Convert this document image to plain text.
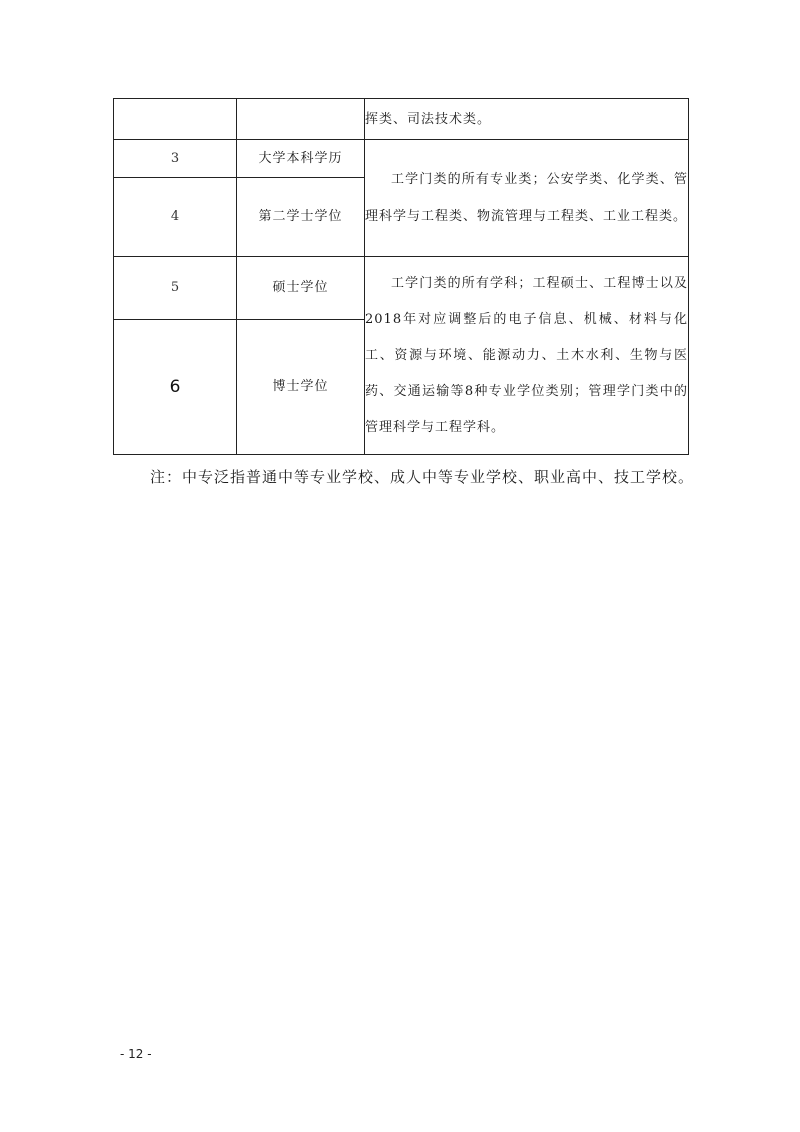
		挥类、司法技术类。

3	大学本科学历	工学门类的所有专业类；公安学类、化学类、管理科学与工程类、物流管理与工程类、工业工程类。

4	第二学士学位	
5	硕士学位	工学门类的所有学科；工程硕士、工程博士以及2018年对应调整后的电子信息、机械、材料与化工、资源与环境、能源动力、土木水利、生物与医药、交通运输等8种专业学位类别；管理学门类中的管理科学与工程学科。

6	博士学位	
注：中专泛指普通中等专业学校、成人中等专业学校、职业高中、技工学校。
- 12 -
